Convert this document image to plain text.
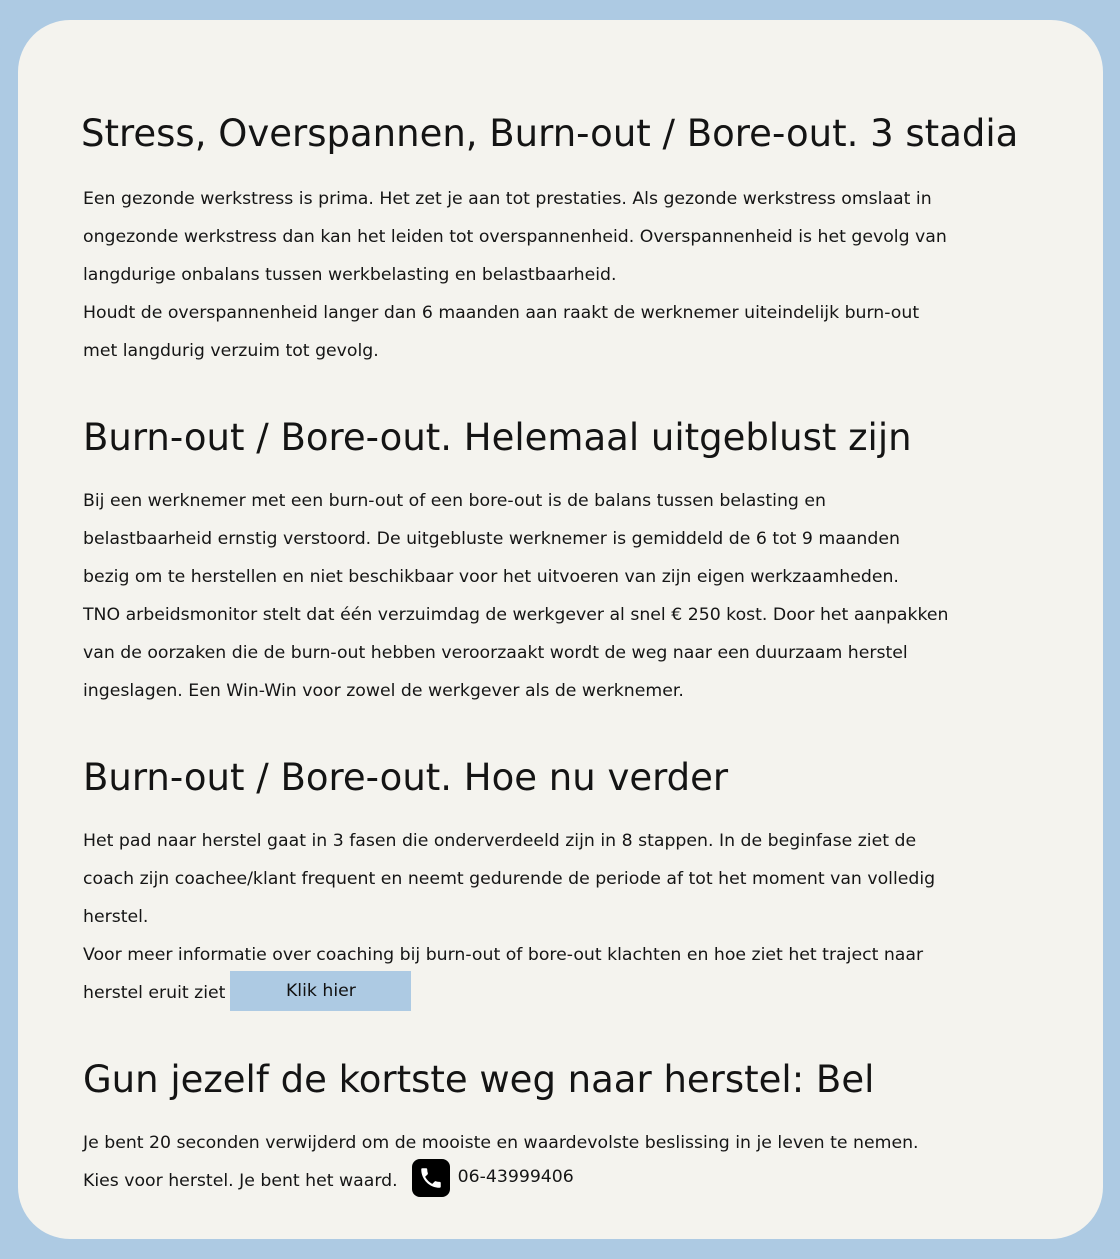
Stress, Overspannen, Burn-out / Bore-out. 3 stadia

Een gezonde werkstress is prima. Het zet je aan tot prestaties. Als gezonde werkstress omslaat in
ongezonde werkstress dan kan het leiden tot overspannenheid. Overspannenheid is het gevolg van
langdurige onbalans tussen werkbelasting en belastbaarheid.
Houdt de overspannenheid langer dan 6 maanden aan raakt de werknemer uiteindelijk burn-out
met langdurig verzuim tot gevolg.

Burn-out / Bore-out. Helemaal uitgeblust zijn

Bij een werknemer met een burn-out of een bore-out is de balans tussen belasting en
belastbaarheid ernstig verstoord. De uitgebluste werknemer is gemiddeld de 6 tot 9 maanden
bezig om te herstellen en niet beschikbaar voor het uitvoeren van zijn eigen werkzaamheden.
TNO arbeidsmonitor stelt dat één verzuimdag de werkgever al snel € 250 kost. Door het aanpakken
van de oorzaken die de burn-out hebben veroorzaakt wordt de weg naar een duurzaam herstel
ingeslagen. Een Win-Win voor zowel de werkgever als de werknemer.

Burn-out / Bore-out. Hoe nu verder

Het pad naar herstel gaat in 3 fasen die onderverdeeld zijn in 8 stappen. In de beginfase ziet de
coach zijn coachee/klant frequent en neemt gedurende de periode af tot het moment van volledig
herstel.
Voor meer informatie over coaching bij burn-out of bore-out klachten en hoe ziet het traject naar
herstel eruit ziet	Klik hier

Gun jezelf de kortste weg naar herstel: Bel

Je bent 20 seconden verwijderd om de mooiste en waardevolste beslissing in je leven te nemen.
Kies voor herstel. Je bent het waard.	06-43999406
